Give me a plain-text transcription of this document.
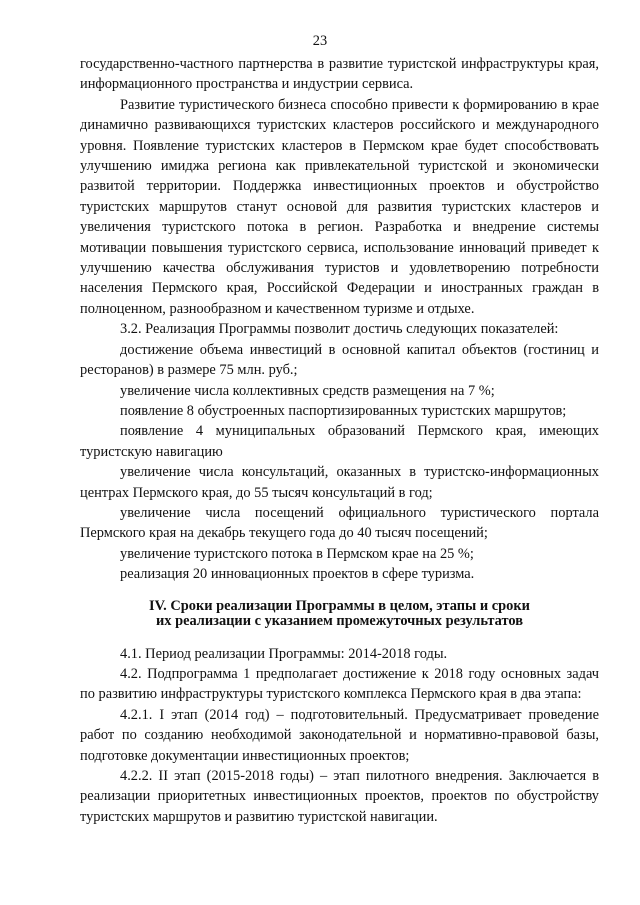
23

государственно-частного партнерства в развитие туристской инфраструктуры края, информационного пространства и индустрии сервиса.

Развитие туристического бизнеса способно привести к формированию в крае динамично развивающихся туристских кластеров российского и международного уровня. Появление туристских кластеров в Пермском крае будет способствовать улучшению имиджа региона как привлекательной туристской и экономически развитой территории. Поддержка инвестиционных проектов и обустройство туристских маршрутов станут основой для развития туристских кластеров и увеличения туристского потока в регион. Разработка и внедрение системы мотивации повышения туристского сервиса, использование инноваций приведет к улучшению качества обслуживания туристов и удовлетворению потребности населения Пермского края, Российской Федерации и иностранных граждан в полноценном, разнообразном и качественном туризме и отдыхе.

3.2. Реализация Программы позволит достичь следующих показателей:

достижение объема инвестиций в основной капитал объектов (гостиниц и ресторанов) в размере 75 млн. руб.;

увеличение числа коллективных средств размещения на 7 %;

появление 8 обустроенных паспортизированных туристских маршрутов;

появление 4 муниципальных образований Пермского края, имеющих туристскую навигацию

увеличение числа консультаций, оказанных в туристско-информационных центрах Пермского края, до 55 тысяч консультаций в год;

увеличение числа посещений официального туристического портала Пермского края на декабрь текущего года до 40 тысяч посещений;

увеличение туристского потока в Пермском крае на 25 %;

реализация 20 инновационных проектов в сфере туризма.

IV. Сроки реализации Программы в целом, этапы и сроки
их реализации с указанием промежуточных результатов

4.1. Период реализации Программы: 2014-2018 годы.

4.2. Подпрограмма 1 предполагает достижение к 2018 году основных задач по развитию инфраструктуры туристского комплекса Пермского края в два этапа:

4.2.1. I этап (2014 год) – подготовительный. Предусматривает проведение работ по созданию необходимой законодательной и нормативно-правовой базы, подготовке документации инвестиционных проектов;

4.2.2. II этап (2015-2018 годы) – этап пилотного внедрения. Заключается в реализации приоритетных инвестиционных проектов, проектов по обустройству туристских маршрутов и развитию туристской навигации.
